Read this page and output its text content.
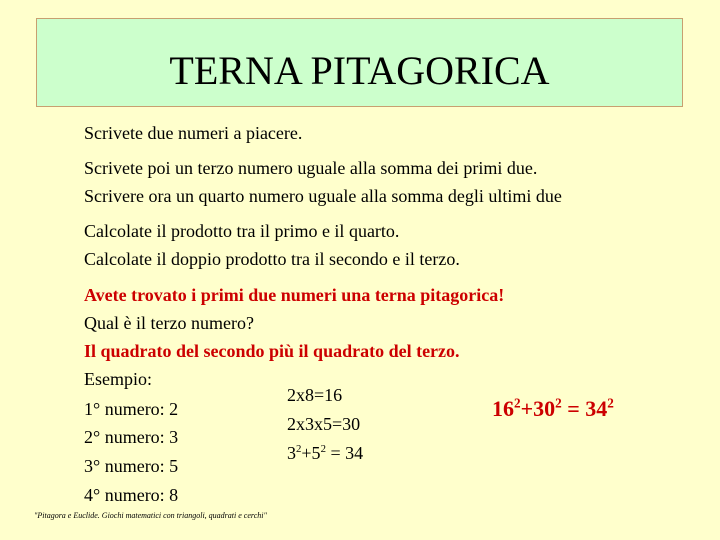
TERNA PITAGORICA
Scrivete due numeri a piacere.
Scrivete poi un terzo numero uguale alla somma dei primi due.
Scrivere ora un quarto numero uguale alla somma degli ultimi due
Calcolate il prodotto tra il primo e il quarto.
Calcolate il doppio prodotto tra il secondo e il terzo.
Avete trovato i primi due numeri una terna pitagorica!
Qual è il terzo numero?
Il quadrato del secondo più il quadrato del terzo.
Esempio:
1° numero: 2
2° numero: 3
3° numero: 5
4° numero: 8
2x8=16
2x3x5=30
$3^2+5^2 = 34$
$16^2+30^2 = 34^2$
"Pitagora e Euclide. Giochi matematici con triangoli, quadrati e cerchi"
